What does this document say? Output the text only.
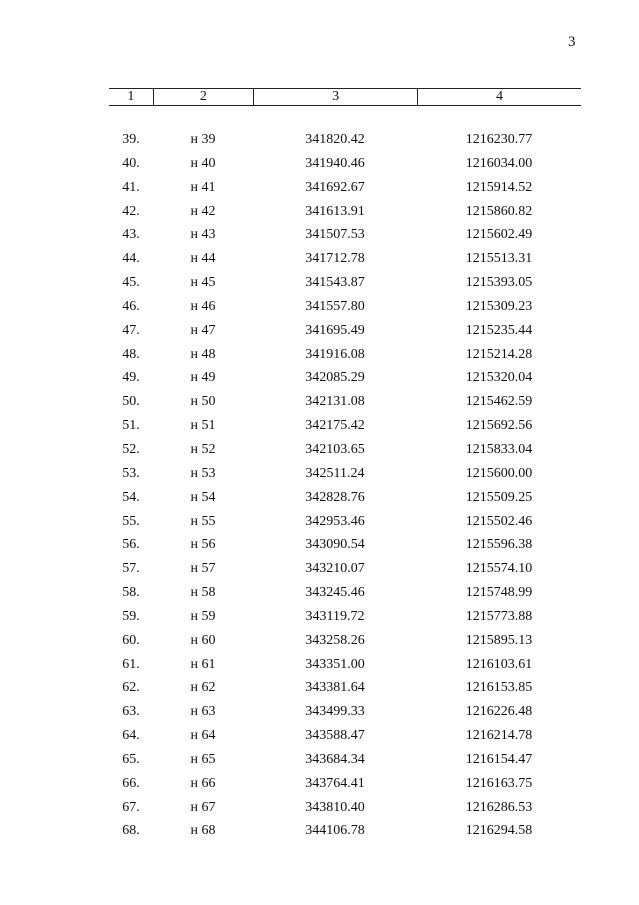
3
1	2	3	4
39.	н 39	341820.42	1216230.77
40.	н 40	341940.46	1216034.00
41.	н 41	341692.67	1215914.52
42.	н 42	341613.91	1215860.82
43.	н 43	341507.53	1215602.49
44.	н 44	341712.78	1215513.31
45.	н 45	341543.87	1215393.05
46.	н 46	341557.80	1215309.23
47.	н 47	341695.49	1215235.44
48.	н 48	341916.08	1215214.28
49.	н 49	342085.29	1215320.04
50.	н 50	342131.08	1215462.59
51.	н 51	342175.42	1215692.56
52.	н 52	342103.65	1215833.04
53.	н 53	342511.24	1215600.00
54.	н 54	342828.76	1215509.25
55.	н 55	342953.46	1215502.46
56.	н 56	343090.54	1215596.38
57.	н 57	343210.07	1215574.10
58.	н 58	343245.46	1215748.99
59.	н 59	343119.72	1215773.88
60.	н 60	343258.26	1215895.13
61.	н 61	343351.00	1216103.61
62.	н 62	343381.64	1216153.85
63.	н 63	343499.33	1216226.48
64.	н 64	343588.47	1216214.78
65.	н 65	343684.34	1216154.47
66.	н 66	343764.41	1216163.75
67.	н 67	343810.40	1216286.53
68.	н 68	344106.78	1216294.58
